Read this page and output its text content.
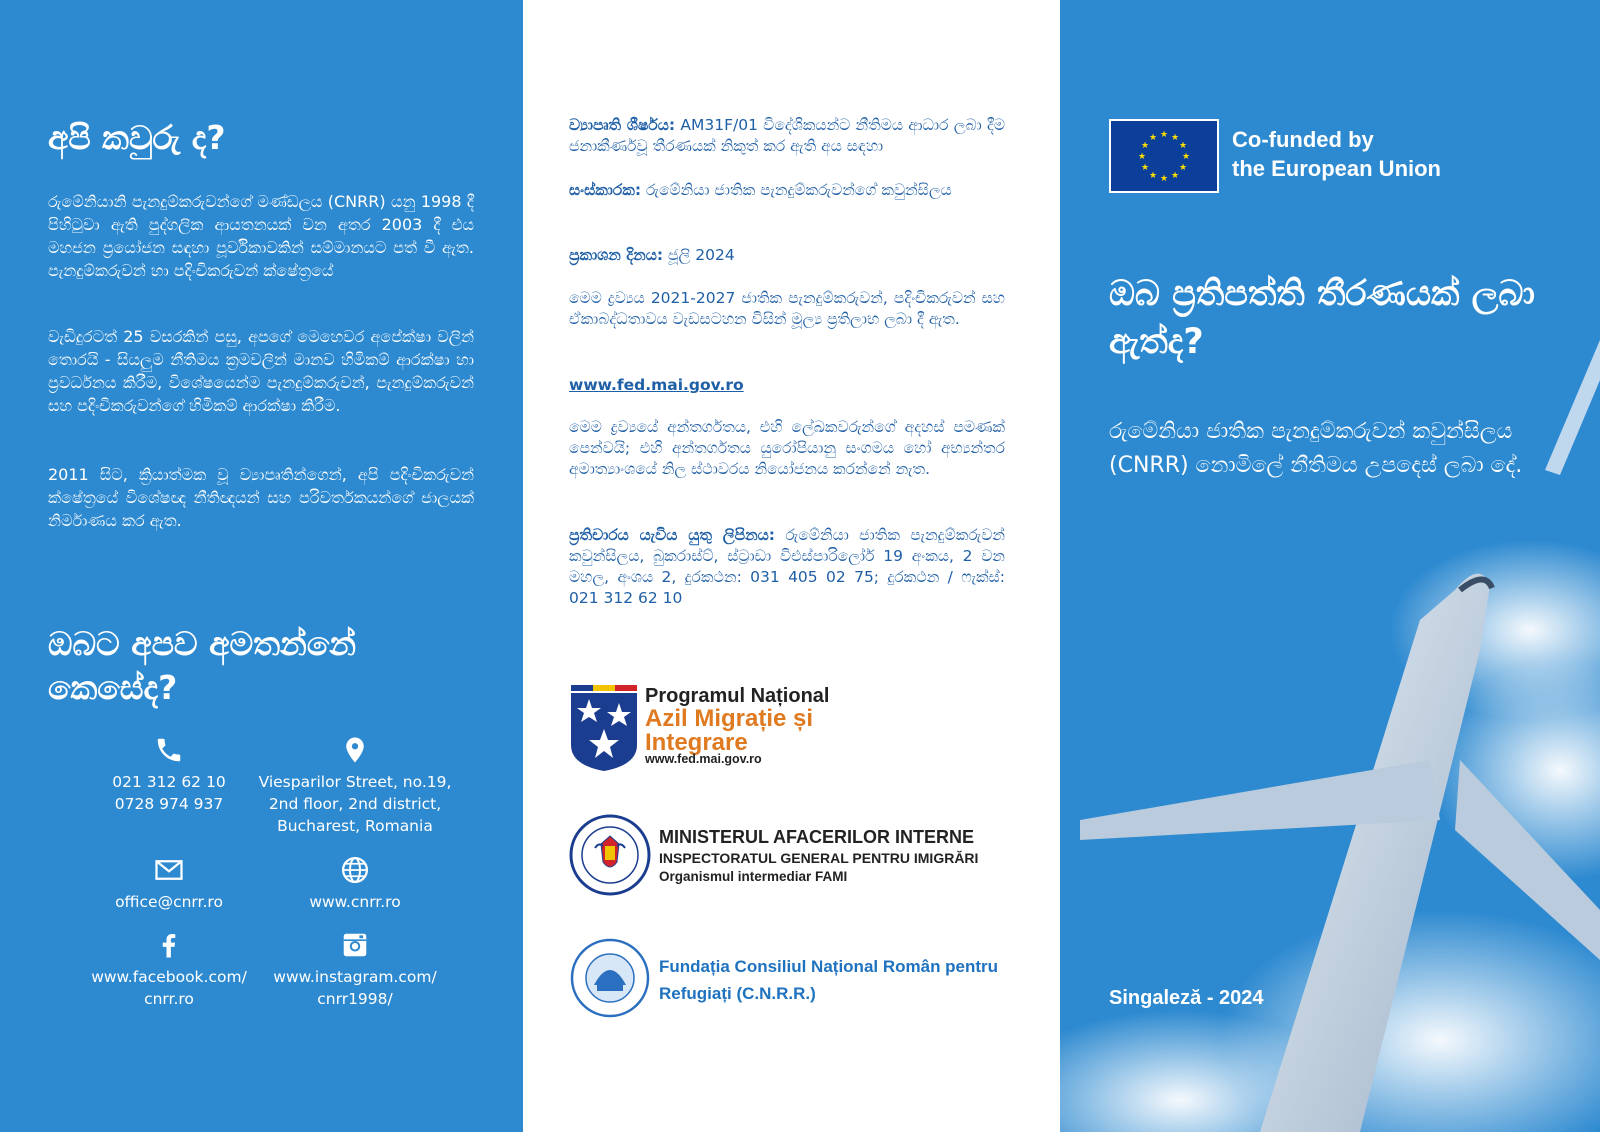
අපි කවුරු ද?

රුමේනියානි පැනදුම්කරුවන්ගේ මණ්ඩලය (CNRR) යනු 1998 දී පිහිටුවා ඇති පුද්ගලික ආයතනයක් වන අතර 2003 දී එය මහජන ප්‍රයෝජන සඳහා පූර්විකාවකින් සම්මානයට පත් වී ඇත. පැනදුම්කරුවන් හා පදිංචිකරුවන් ක්ෂේත්‍රයේ

වැඩිදුරටත් 25 වසරකින් පසු, අපගේ මෙහෙවර අපේක්ෂා වලින් තොරයි - සියලුම නීතිමය ක්‍රමවලින් මානව හිමිකම් ආරක්ෂා හා ප්‍රවර්ධනය කිරීම, විශේෂයෙන්ම පැනදුම්කරුවන්, පැනදුම්කරුවන් සහ පදිංචිකරුවන්ගේ හිමිකම් ආරක්ෂා කිරීම.

2011 සිට, ක්‍රියාත්මක වූ ව්‍යාපෘතින්ගෙන්, අපි පදිංචිකරුවන් ක්ෂේත්‍රයේ විශේෂඥ නීතිඥයන් සහ පරිවර්තකයන්ගේ ජාලයක් නිර්මාණය කර ඇත.

ඔබට අපව අමතන්නේ කෙසේද?
021 312 62 10
0728 974 937
Viesparilor Street, no.19,
2nd floor, 2nd district,
Bucharest, Romania
office@cnrr.ro	www.cnrr.ro
www.facebook.com/
cnrr.ro
www.instagram.com/
cnrr1998/

ව්‍යාපෘති ශීර්ෂය: AM31F/01 විදේශිකයන්ට නීතිමය ආධාර ලබා දීම ජනාකීර්ණවූ තීරණයක් නිකුත් කර ඇති අය සඳහා

සංස්කාරක: රුමේනියා ජාතික පැනදුම්කරුවන්ගේ කවුන්සිලය

ප්‍රකාශන දිනය: ජූලි 2024

මෙම ද්‍රව්‍යය 2021-2027 ජාතික පැනදුම්කරුවන්, පදිංචිකරුවන් සහ ඒකාබද්ධතාවය වැඩසටහන විසින් මූල්‍ය ප්‍රතිලාභ ලබා දී ඇත.

www.fed.mai.gov.ro

මෙම ද්‍රව්‍යයේ අන්තර්ගතය, එහි ලේඛකවරුන්ගේ අදහස් පමණක් පෙන්වයි; එහි අන්තර්ගතය යුරෝපියානු සංගමය හෝ අභ්‍යන්තර අමාත්‍යාංශයේ නිල ස්ථාවරය නියෝජනය කරන්නේ නැත.

ප්‍රතිචාරය යැවිය යුතු ලිපිනය: රුමේනියා ජාතික පැනදුම්කරුවන් කවුන්සිලය, බුකරාස්ට්, ස්ට්‍රාඩා විඑස්පාරිලෝර් 19 අංකය, 2 වන මහල, අංශය 2, දුරකථන: 031 405 02 75; දුරකථන / ෆැක්ස්: 021 312 62 10

Programul Național
Azil Migrație și Integrare
www.fed.mai.gov.ro
MINISTERUL AFACERILOR INTERNE
INSPECTORATUL GENERAL PENTRU IMIGRĂRI
Organismul intermediar FAMI
Fundația Consiliul Național Român pentru Refugiați (C.N.R.R.)
★ ★
★
★
★
★
★
★
★
★
★
★	Co-funded by
the European Union
ඔබ ප්‍රතිපත්ති තීරණයක් ලබා ඇත්ද?

රුමේනියා ජාතික පැනදුම්කරුවන් කවුන්සිලය (CNRR) නොමිලේ නීතිමය උපදෙස් ලබා දේ.

Singaleză - 2024
